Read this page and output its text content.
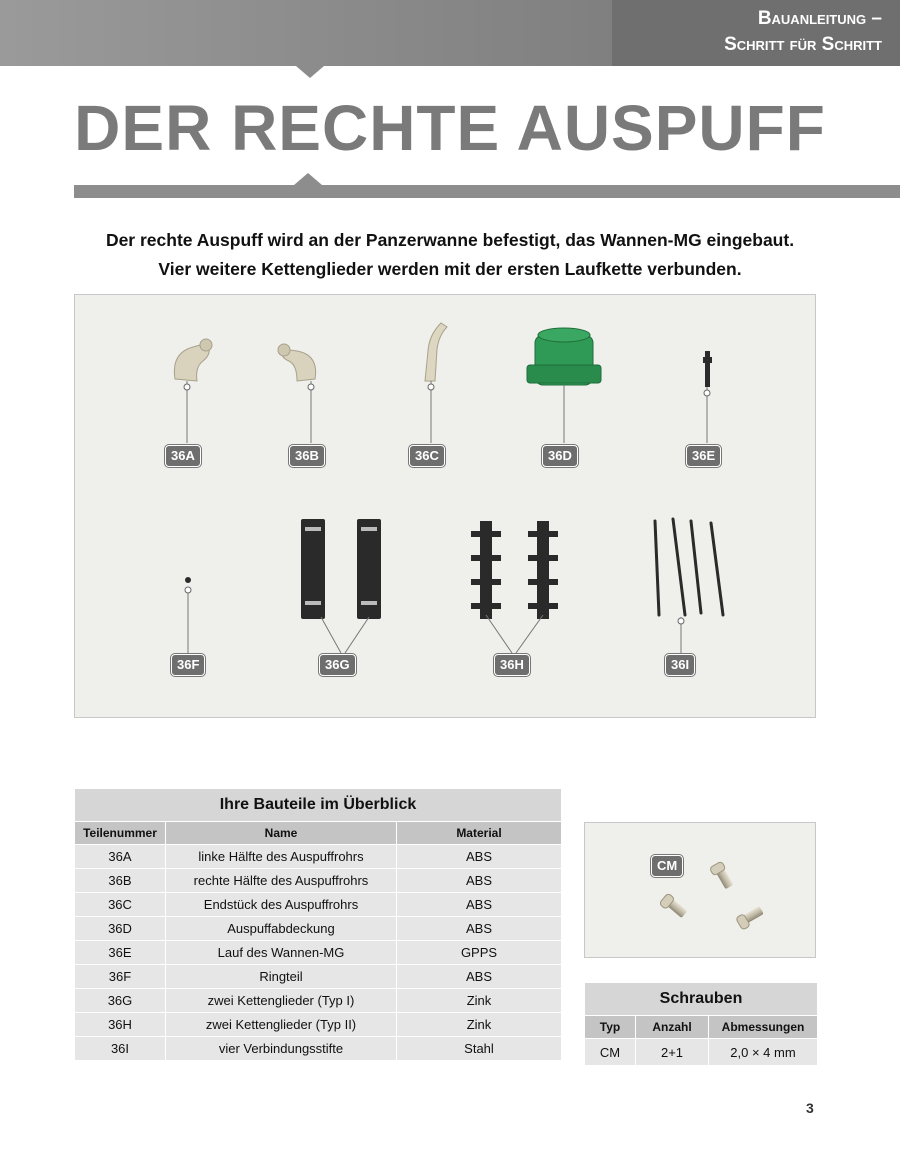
Bauanleitung –
Schritt für Schritt
DER RECHTE AUSPUFF

Der rechte Auspuff wird an der Panzerwanne befestigt, das Wannen-MG eingebaut.

Vier weitere Kettenglieder werden mit der ersten Laufkette verbunden.

36A	36B	36C	36D	36E
36F	36G	36H	36I
Ihre Bauteile im Überblick		
Teilenummer	Name	Material
36A	linke Hälfte des Auspuffrohrs	ABS
36B	rechte Hälfte des Auspuffrohrs	ABS
36C	Endstück des Auspuffrohrs	ABS
36D	Auspuffabdeckung	ABS
36E	Lauf des Wannen-MG	GPPS
36F	Ringteil	ABS
36G	zwei Kettenglieder (Typ I)	Zink
36H	zwei Kettenglieder (Typ II)	Zink
36I	vier Verbindungsstifte	Stahl
CM
Schrauben		
Typ	Anzahl	Abmessungen
CM	2+1	2,0 × 4 mm
3
